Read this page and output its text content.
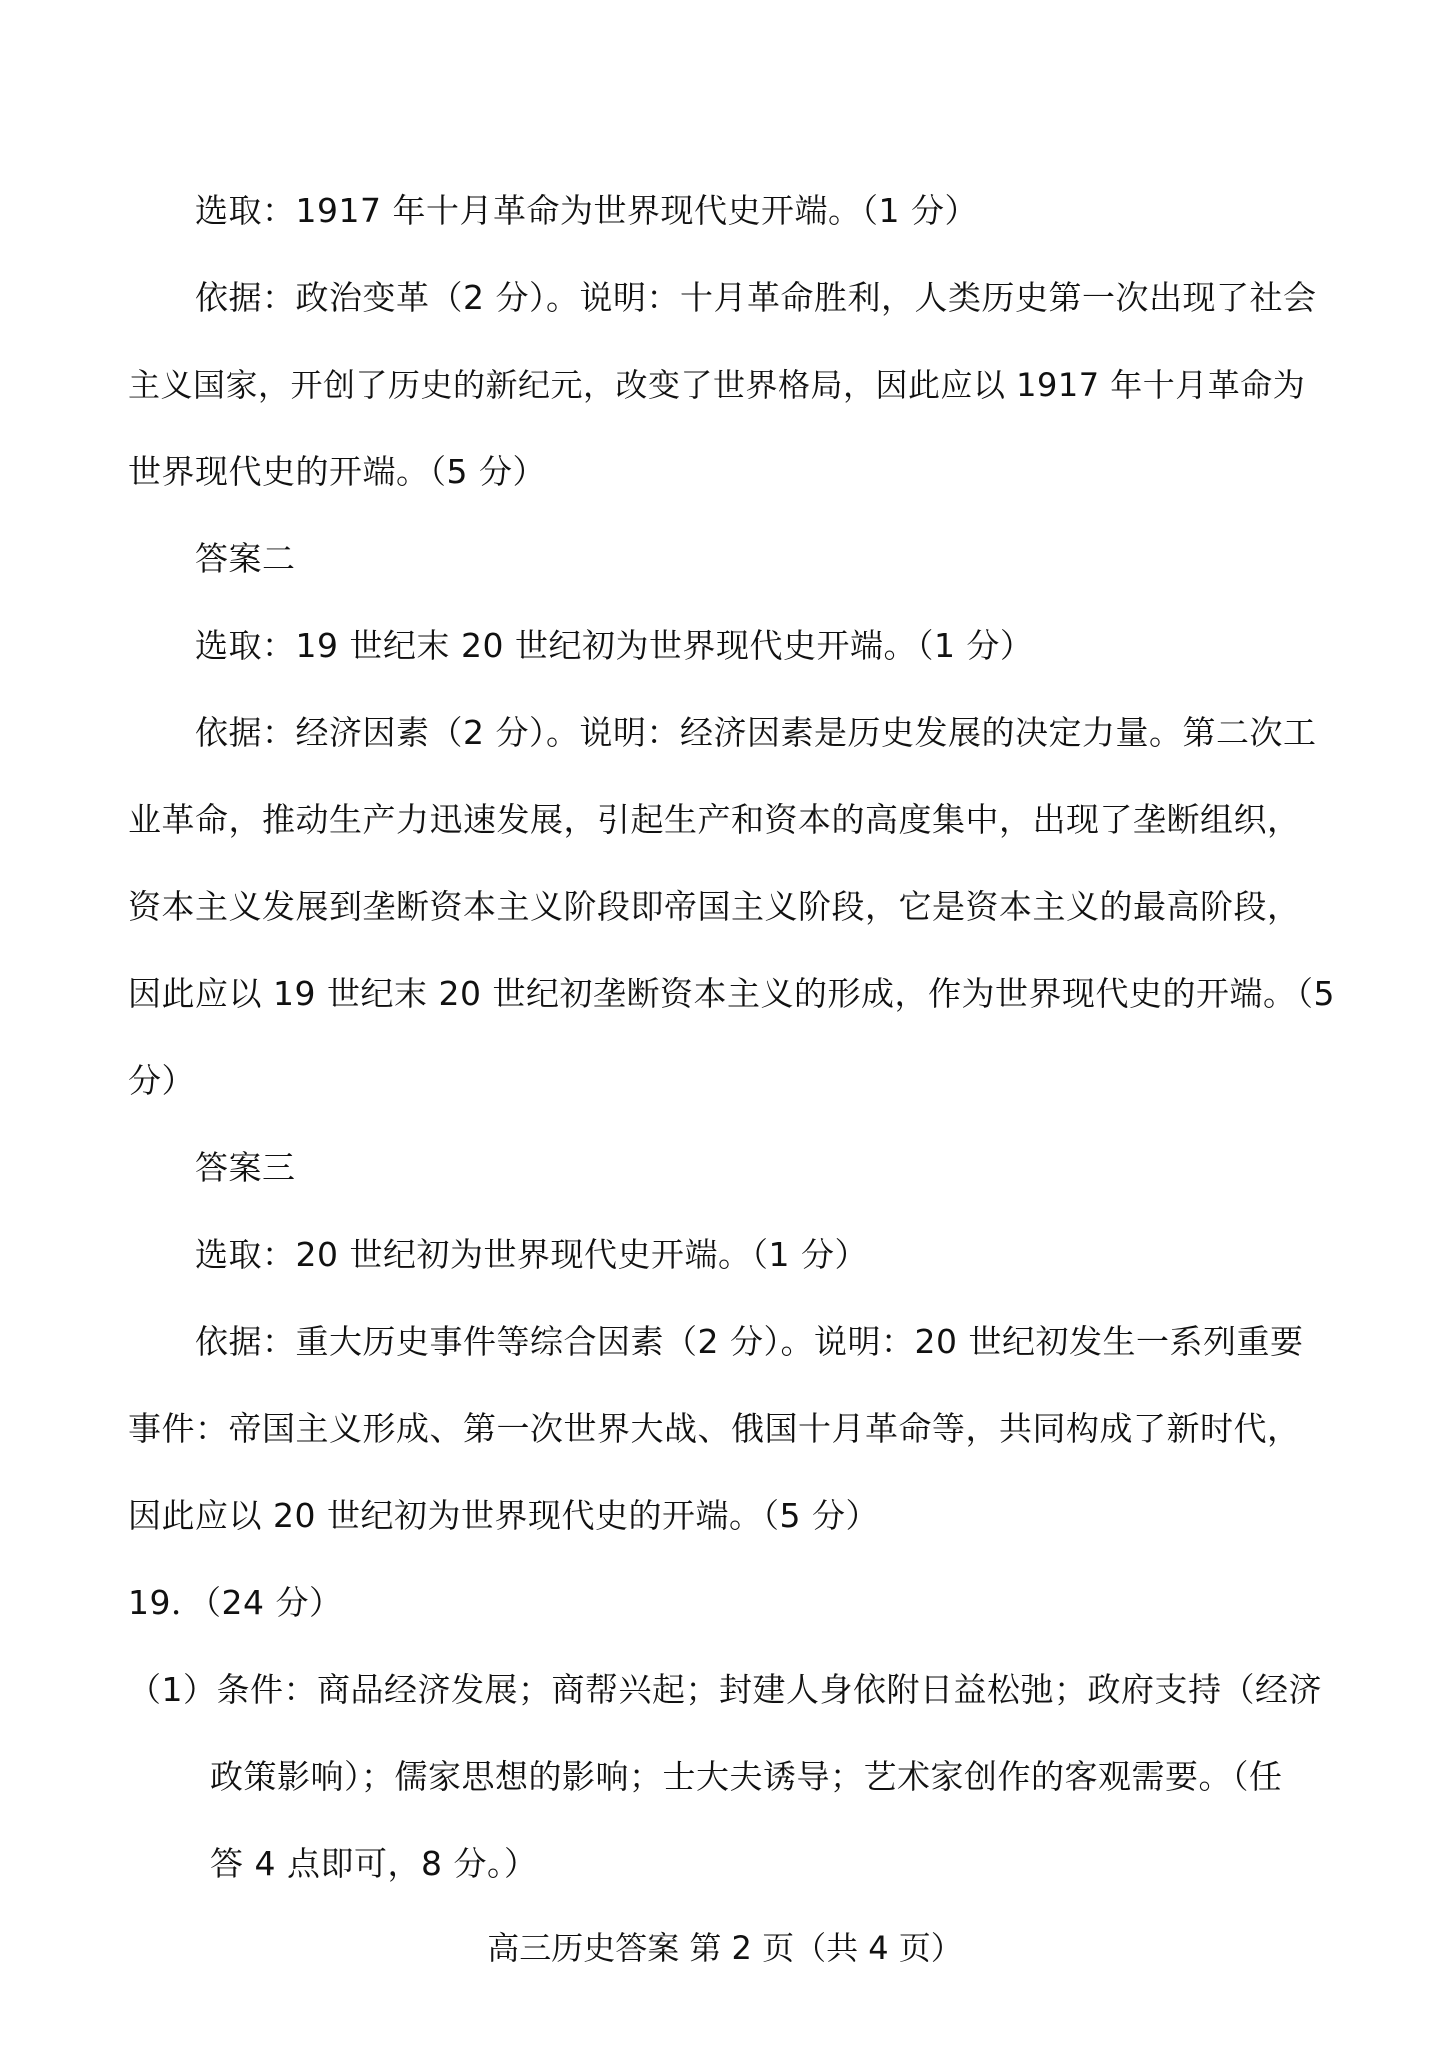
选取：1917 年十月革命为世界现代史开端。（1 分）
依据：政治变革（2 分）。说明：十月革命胜利，人类历史第一次出现了社会
主义国家，开创了历史的新纪元，改变了世界格局，因此应以 1917 年十月革命为
世界现代史的开端。（5 分）
答案二
选取：19 世纪末 20 世纪初为世界现代史开端。（1 分）
依据：经济因素（2 分）。说明：经济因素是历史发展的决定力量。第二次工
业革命，推动生产力迅速发展，引起生产和资本的高度集中，出现了垄断组织，
资本主义发展到垄断资本主义阶段即帝国主义阶段，它是资本主义的最高阶段，
因此应以 19 世纪末 20 世纪初垄断资本主义的形成，作为世界现代史的开端。（5
分）
答案三
选取：20 世纪初为世界现代史开端。（1 分）
依据：重大历史事件等综合因素（2 分）。说明：20 世纪初发生一系列重要
事件：帝国主义形成、第一次世界大战、俄国十月革命等，共同构成了新时代，
因此应以 20 世纪初为世界现代史的开端。（5 分）
19．（24 分）
（1）条件：商品经济发展；商帮兴起；封建人身依附日益松弛；政府支持（经济
政策影响）；儒家思想的影响；士大夫诱导；艺术家创作的客观需要。（任
答 4 点即可，8 分。）
高三历史答案 第 2 页（共 4 页）
